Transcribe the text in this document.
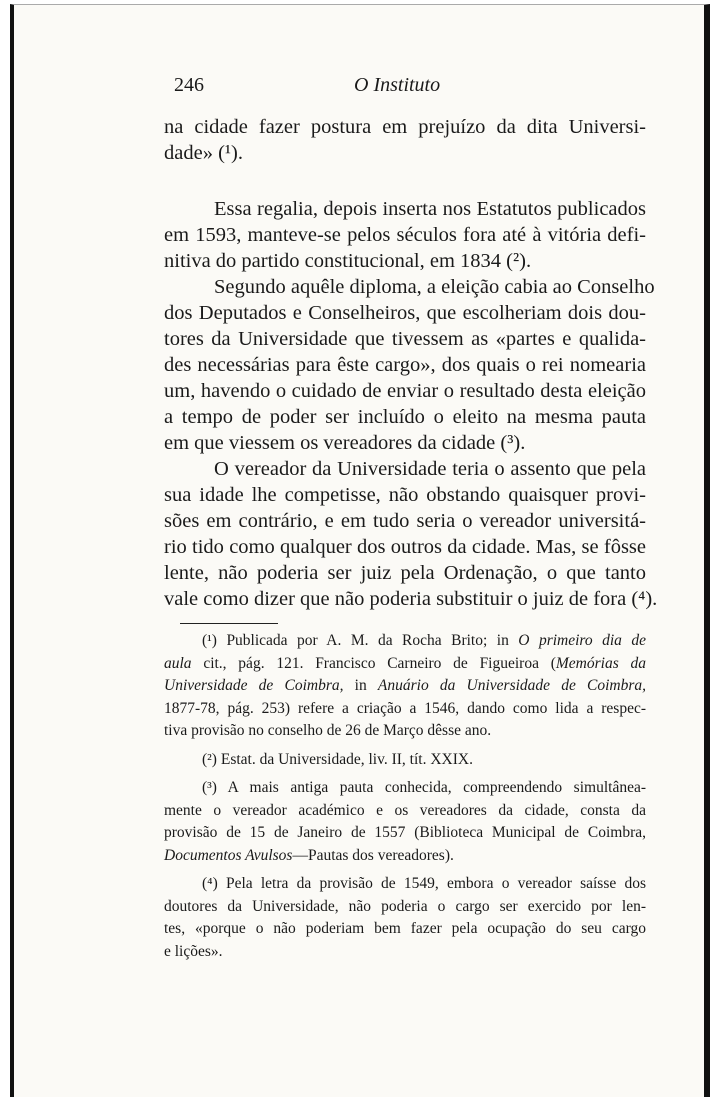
246	O Instituto
na cidade fazer postura em prejuízo da dita Universi-
dade» (¹).
Essa regalia, depois inserta nos Estatutos publicados
em 1593, manteve-se pelos séculos fora até à vitória defi-
nitiva do partido constitucional, em 1834 (²).
Segundo aquêle diploma, a eleição cabia ao Conselho
dos Deputados e Conselheiros, que escolheriam dois dou-
tores da Universidade que tivessem as «partes e qualida-
des necessárias para êste cargo», dos quais o rei nomearia
um, havendo o cuidado de enviar o resultado desta eleição
a tempo de poder ser incluído o eleito na mesma pauta
em que viessem os vereadores da cidade (³).
O vereador da Universidade teria o assento que pela
sua idade lhe competisse, não obstando quaisquer provi-
sões em contrário, e em tudo seria o vereador universitá-
rio tido como qualquer dos outros da cidade. Mas, se fôsse
lente, não poderia ser juiz pela Ordenação, o que tanto
vale como dizer que não poderia substituir o juiz de fora (⁴).
(¹) Publicada por A. M. da Rocha Brito; in O primeiro dia de
aula cit., pág. 121. Francisco Carneiro de Figueiroa (Memórias da
Universidade de Coimbra, in Anuário da Universidade de Coimbra,
1877-78, pág. 253) refere a criação a 1546, dando como lida a respec-
tiva provisão no conselho de 26 de Março dêsse ano.
(²) Estat. da Universidade, liv. II, tít. XXIX.
(³) A mais antiga pauta conhecida, compreendendo simultânea-
mente o vereador académico e os vereadores da cidade, consta da
provisão de 15 de Janeiro de 1557 (Biblioteca Municipal de Coimbra,
Documentos Avulsos—Pautas dos vereadores).
(⁴) Pela letra da provisão de 1549, embora o vereador saísse dos
doutores da Universidade, não poderia o cargo ser exercido por len-
tes, «porque o não poderiam bem fazer pela ocupação do seu cargo
e lições».
